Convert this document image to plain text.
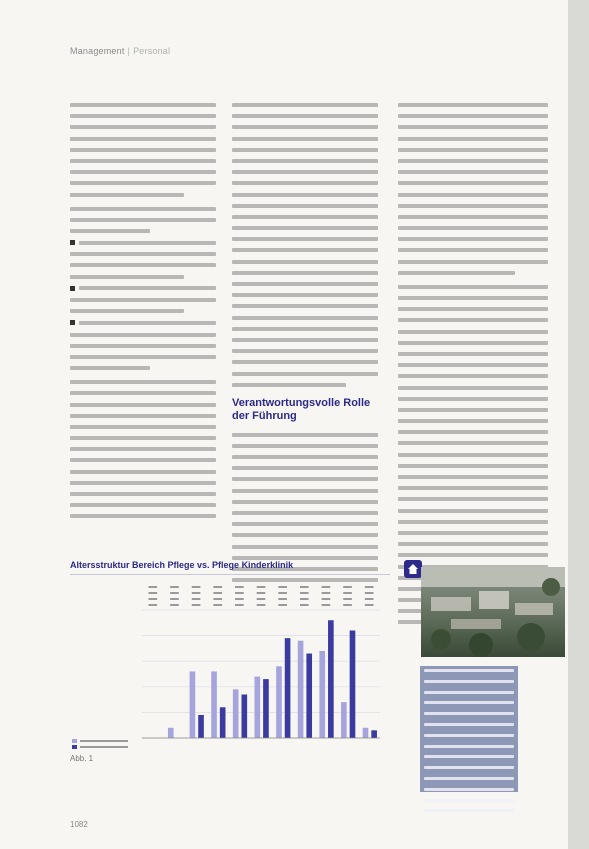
Management | Personal
Verantwortungsvolle Rolle der Führung
Altersstruktur Bereich Pflege vs. Pflege Kinderklinik
Abb. 1
1082
